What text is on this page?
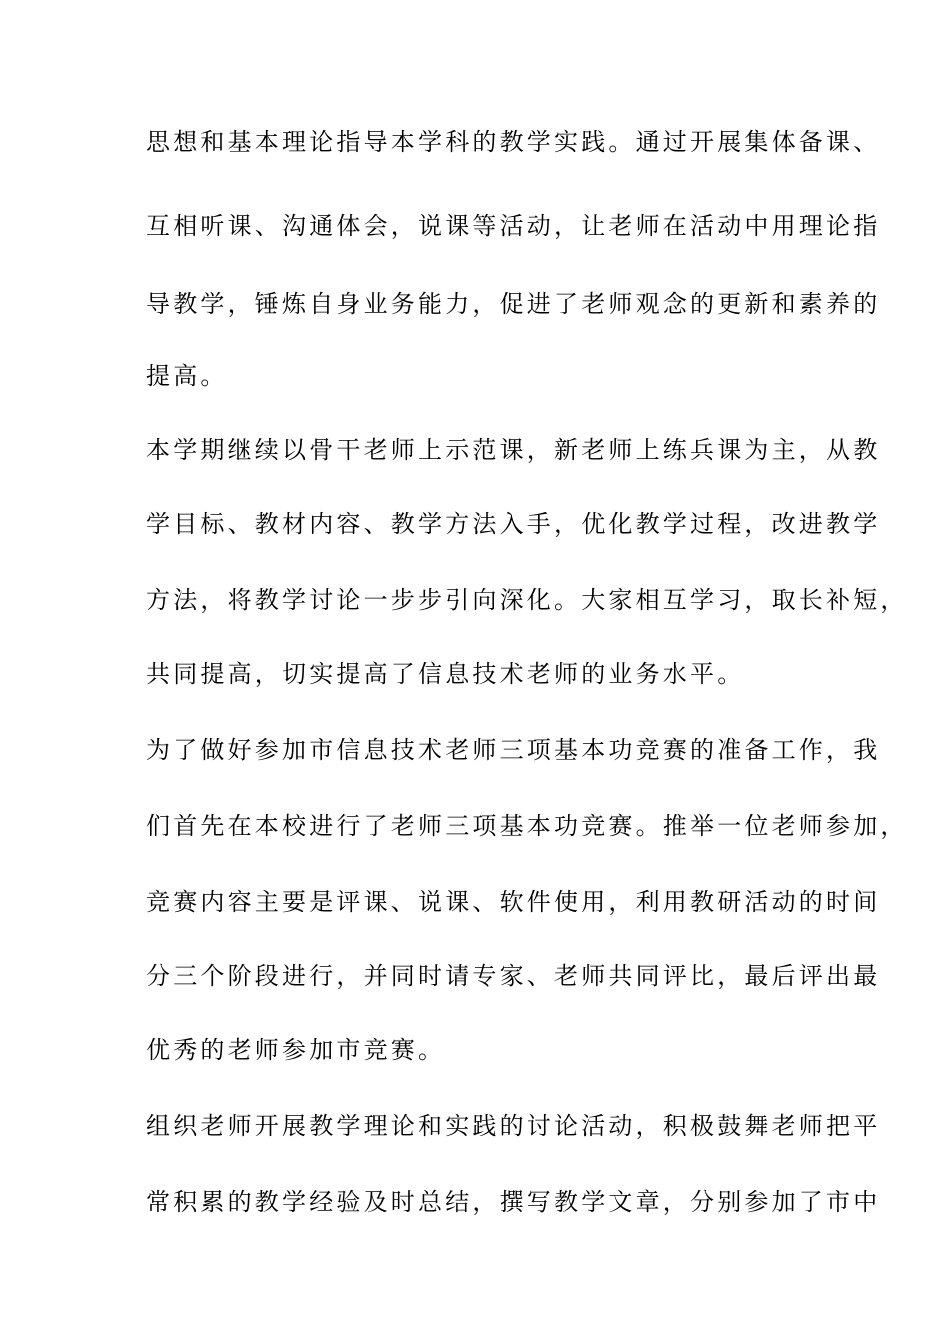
思想和基本理论指导本学科的教学实践。通过开展集体备课、
互相听课、沟通体会，说课等活动，让老师在活动中用理论指
导教学，锤炼自身业务能力，促进了老师观念的更新和素养的
提高。
本学期继续以骨干老师上示范课，新老师上练兵课为主，从教
学目标、教材内容、教学方法入手，优化教学过程，改进教学
方法，将教学讨论一步步引向深化。大家相互学习，取长补短，
共同提高，切实提高了信息技术老师的业务水平。
为了做好参加市信息技术老师三项基本功竞赛的准备工作，我
们首先在本校进行了老师三项基本功竞赛。推举一位老师参加，
竞赛内容主要是评课、说课、软件使用，利用教研活动的时间
分三个阶段进行，并同时请专家、老师共同评比，最后评出最
优秀的老师参加市竞赛。
组织老师开展教学理论和实践的讨论活动，积极鼓舞老师把平
常积累的教学经验及时总结，撰写教学文章，分别参加了市中
